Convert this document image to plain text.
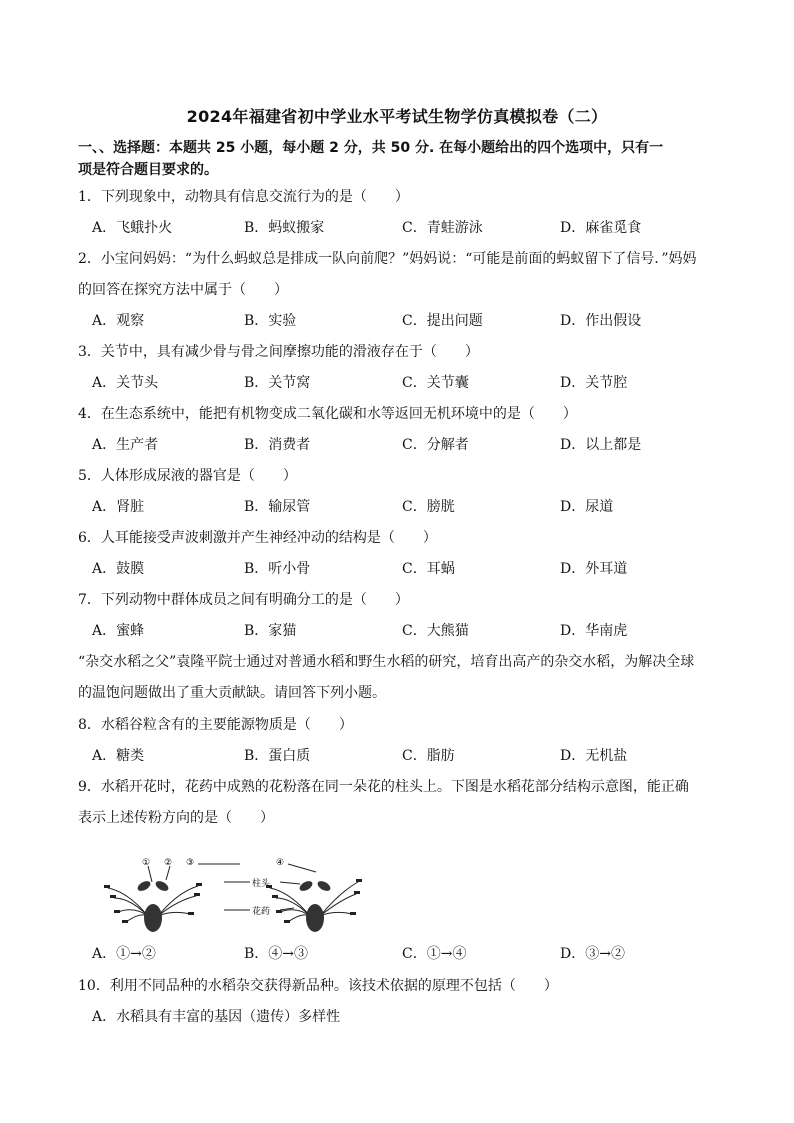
2024年福建省初中学业水平考试生物学仿真模拟卷（二）
一、、选择题：本题共 25 小题，每小题 2 分，共 50 分. 在每小题给出的四个选项中，只有一
项是符合题目要求的。
1．下列现象中，动物具有信息交流行为的是（　　）
A．飞蛾扑火	B．蚂蚁搬家	C．青蛙游泳	D．麻雀觅食
2．小宝问妈妈：“为什么蚂蚁总是排成一队向前爬？”妈妈说：“可能是前面的蚂蚁留下了信号．”妈妈
的回答在探究方法中属于（　　）
A．观察	B．实验	C．提出问题	D．作出假设
3．关节中，具有减少骨与骨之间摩擦功能的滑液存在于（　　）
A．关节头	B．关节窝	C．关节囊	D．关节腔
4．在生态系统中，能把有机物变成二氧化碳和水等返回无机环境中的是（　　）
A．生产者	B．消费者	C．分解者	D．以上都是
5．人体形成尿液的器官是（　　）
A．肾脏	B．输尿管	C．膀胱	D．尿道
6．人耳能接受声波刺激并产生神经冲动的结构是（　　）
A．鼓膜	B．听小骨	C．耳蜗	D．外耳道
7．下列动物中群体成员之间有明确分工的是（　　）
A．蜜蜂	B．家猫	C．大熊猫	D．华南虎
“杂交水稻之父”袁隆平院士通过对普通水稻和野生水稻的研究，培育出高产的杂交水稻，为解决全球
的温饱问题做出了重大贡献缺。请回答下列小题。
8．水稻谷粒含有的主要能源物质是（　　）
A．糖类	B．蛋白质	C．脂肪	D．无机盐
9．水稻开花时，花药中成熟的花粉落在同一朵花的柱头上。下图是水稻花部分结构示意图，能正确
表示上述传粉方向的是（　　）
① ② ③	④
柱头
花药
A．①→②	B．④→③	C．①→④	D．③→②
10．利用不同品种的水稻杂交获得新品种。该技术依据的原理不包括（　　）
A．水稻具有丰富的基因（遗传）多样性
